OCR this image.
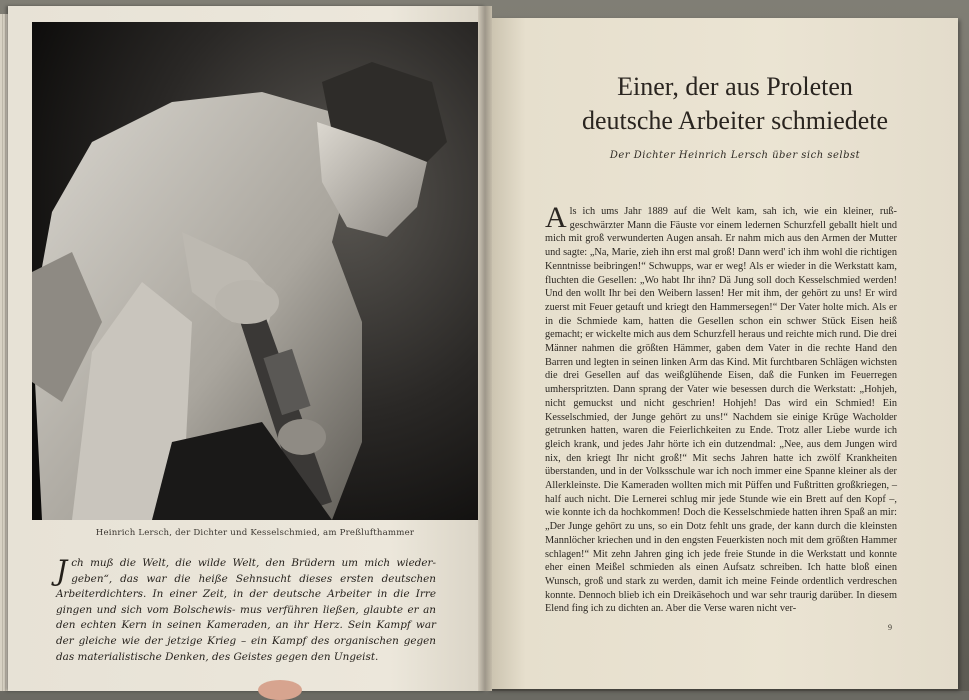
Heinrich Lersch, der Dichter und Kesselschmied, am Preßlufthammer
J ch muß die Welt, die wilde Welt, den Brüdern um mich wieder- geben“, das war die heiße Sehnsucht dieses ersten deutschen Arbeiterdichters. In einer Zeit, in der deutsche Arbeiter in die Irre gingen und sich vom Bolschewis- mus verführen ließen, glaubte er an den echten Kern in seinen Kameraden, an ihr Herz. Sein Kampf war der gleiche wie der jetzige Krieg – ein Kampf des organischen gegen das materialistische Denken, des Geistes gegen den Ungeist.
Einer, der aus Proleten
deutsche Arbeiter schmiedete
Der Dichter Heinrich Lersch über sich selbst
A ls ich ums Jahr 1889 auf die Welt kam, sah ich, wie ein kleiner, ruß- geschwärzter Mann die Fäuste vor einem ledernen Schurzfell geballt hielt und mich mit groß verwunderten Augen ansah. Er nahm mich aus den Armen der Mutter und sagte: „Na, Marie, zieh ihn erst mal groß! Dann werd' ich ihm wohl die richtigen Kenntnisse beibringen!“ Schwupps, war er weg! Als er wieder in die Werkstatt kam, fluchten die Gesellen: „Wo habt Ihr ihn? Dä Jung soll doch Kesselschmied werden! Und den wollt Ihr bei den Weibern lassen! Her mit ihm, der gehört zu uns! Er wird zuerst mit Feuer getauft und kriegt den Hammersegen!“ Der Vater holte mich. Als er in die Schmiede kam, hatten die Gesellen schon ein schwer Stück Eisen heiß gemacht; er wickelte mich aus dem Schurzfell heraus und reichte mich rund. Die drei Männer nahmen die größten Hämmer, gaben dem Vater in die rechte Hand den Barren und legten in seinen linken Arm das Kind. Mit furchtbaren Schlägen wichsten die drei Gesellen auf das weißglühende Eisen, daß die Funken im Feuerregen umherspritzten. Dann sprang der Vater wie besessen durch die Werkstatt: „Hohjeh, nicht gemuckst und nicht geschrien! Hohjeh! Das wird ein Schmied! Ein Kesselschmied, der Junge gehört zu uns!“ Nachdem sie einige Krüge Wacholder getrunken hatten, waren die Feierlichkeiten zu Ende. Trotz aller Liebe wurde ich gleich krank, und jedes Jahr hörte ich ein dutzendmal: „Nee, aus dem Jungen wird nix, den kriegt Ihr nicht groß!“ Mit sechs Jahren hatte ich zwölf Krankheiten überstanden, und in der Volksschule war ich noch immer eine Spanne kleiner als der Allerkleinste. Die Kameraden wollten mich mit Püffen und Fußtritten großkriegen, – half auch nicht. Die Lernerei schlug mir jede Stunde wie ein Brett auf den Kopf –, wie konnte ich da hochkommen! Doch die Kesselschmiede hatten ihren Spaß an mir: „Der Junge gehört zu uns, so ein Dotz fehlt uns grade, der kann durch die kleinsten Mannlöcher kriechen und in den engsten Feuerkisten noch mit dem größten Hammer schlagen!“ Mit zehn Jahren ging ich jede freie Stunde in die Werkstatt und konnte eher einen Meißel schmieden als einen Aufsatz schreiben. Ich hatte bloß einen Wunsch, groß und stark zu werden, damit ich meine Feinde ordentlich verdreschen konnte. Dennoch blieb ich ein Dreikäsehoch und war sehr traurig darüber. In diesem Elend fing ich zu dichten an. Aber die Verse waren nicht ver-
9
